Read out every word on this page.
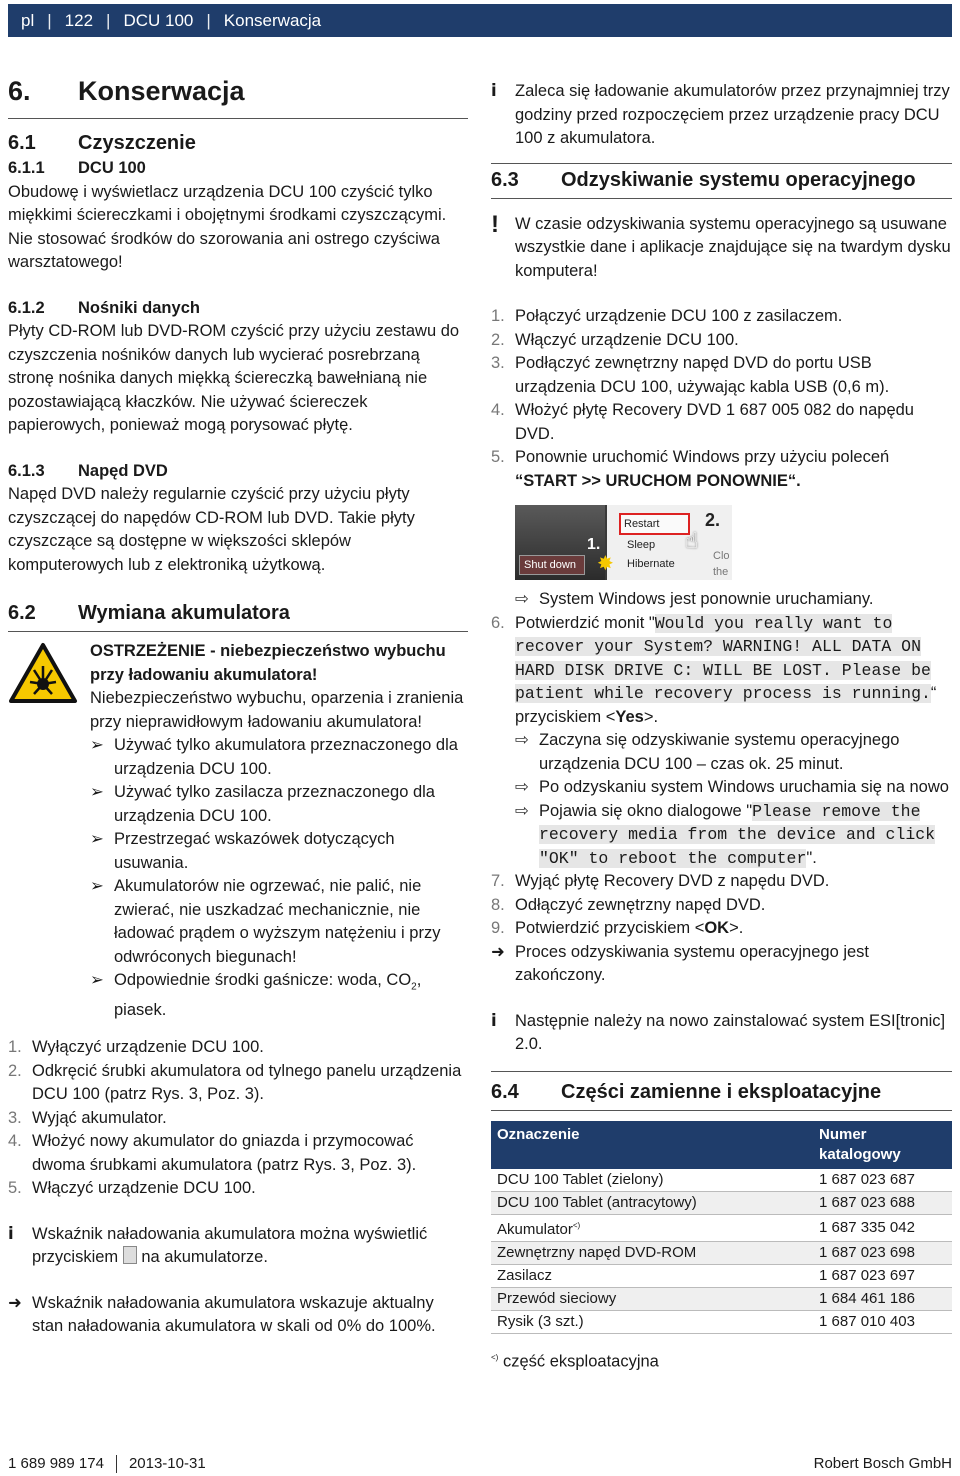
pl | 122 | DCU 100 | Konserwacja
6. Konserwacja
6.1 Czyszczenie
6.1.1 DCU 100

Obudowę i wyświetlacz urządzenia DCU 100 czyścić tylko miękkimi ściereczkami i obojętnymi środkami czyszczącymi. Nie stosować środków do szorowania ani ostrego czyściwa warsztatowego!

6.1.2 Nośniki danych

Płyty CD-ROM lub DVD-ROM czyścić przy użyciu zestawu do czyszczenia nośników danych lub wycierać posrebrzaną stronę nośnika danych miękką ściereczką bawełnianą nie pozostawiającą kłaczków. Nie używać ściereczek papierowych, ponieważ mogą porysować płytę.

6.1.3 Napęd DVD

Napęd DVD należy regularnie czyścić przy użyciu płyty czyszczącej do napędów CD-ROM lub DVD. Takie płyty czyszczące są dostępne w większości sklepów komputerowych lub z elektroniką użytkową.

6.2 Wymiana akumulatora
OSTRZEŻENIE - niebezpieczeństwo wybuchu przy ładowaniu akumulatora!
Niebezpieczeństwo wybuchu, oparzenia i zranienia przy nieprawidłowym ładowaniu akumulatora!
➢ Używać tylko akumulatora przeznaczonego dla urządzenia DCU 100.
➢ Używać tylko zasilacza przeznaczonego dla urządzenia DCU 100.
➢ Przestrzegać wskazówek dotyczących usuwania.
➢ Akumulatorów nie ogrzewać, nie palić, nie zwierać, nie uszkadzać mechanicznie, nie ładować prądem o wyższym natężeniu i przy odwróconych biegunach!
➢ Odpowiednie środki gaśnicze: woda, $CO_2$, piasek.
1. Wyłączyć urządzenie DCU 100.
2. Odkręcić śrubki akumulatora od tylnego panelu urządzenia DCU 100 (patrz Rys. 3, Poz. 3).
3. Wyjąć akumulator.
4. Włożyć nowy akumulator do gniazda i przymocować dwoma śrubkami akumulatora (patrz Rys. 3, Poz. 3).
5. Włączyć urządzenie DCU 100.
ⅰ	Wskaźnik naładowania akumulatora można wyświetlić przyciskiem na akumulatorze.
➜ Wskaźnik naładowania akumulatora wskazuje aktualny stan naładowania akumulatora w skali od 0% do 100%.
ⅰ	Zaleca się ładowanie akumulatorów przez przynajmniej trzy godziny przed rozpoczęciem przez urządzenie pracy DCU 100 z akumulatora.
6.3 Odzyskiwanie systemu operacyjnego
! W czasie odzyskiwania systemu operacyjnego są usuwane wszystkie dane i aplikacje znajdujące się na twardym dysku komputera!
1. Połączyć urządzenie DCU 100 z zasilaczem.
2. Włączyć urządzenie DCU 100.
3. Podłączyć zewnętrzny napęd DVD do portu USB urządzenia DCU 100, używając kabla USB (0,6 m).
4. Włożyć płytę Recovery DVD 1 687 005 082 do napędu DVD.
5. Ponownie uruchomić Windows przy użyciu poleceń “START >> URUCHOM PONOWNIE“.
Restart
Sleep
Hibernate
Shut down
1.
2.
Clo
the
☝
✸
⇨ System Windows jest ponownie uruchamiany.
6. Potwierdzić monit "Would you really want to recover your System? WARNING! ALL DATA ON HARD DISK DRIVE C: WILL BE LOST. Please be patient while recovery process is running.“ przyciskiem <Yes>.
⇨ Zaczyna się odzyskiwanie systemu operacyjnego urządzenia DCU 100 – czas ok. 25 minut.
⇨ Po odzyskaniu system Windows uruchamia się na nowo
⇨ Pojawia się okno dialogowe "Please remove the recovery media from the device and click "OK" to reboot the computer".
7. Wyjąć płytę Recovery DVD z napędu DVD.
8. Odłączyć zewnętrzny napęd DVD.
9. Potwierdzić przyciskiem <OK>.
➜ Proces odzyskiwania systemu operacyjnego jest zakończony.
ⅰ	Następnie należy na nowo zainstalować system ESI[tronic] 2.0.
6.4 Części zamienne i eksploatacyjne
Oznaczenie	Numer katalogowy
DCU 100 Tablet (zielony)	1 687 023 687
DCU 100 Tablet (antracytowy)	1 687 023 688
Akumulator<)	1 687 335 042
Zewnętrzny napęd DVD-ROM	1 687 023 698
Zasilacz	1 687 023 697
Przewód sieciowy	1 684 461 186
Rysik (3 szt.)	1 687 010 403
<) część eksploatacyjna
1 689 989 174 2013-10-31	Robert Bosch GmbH
